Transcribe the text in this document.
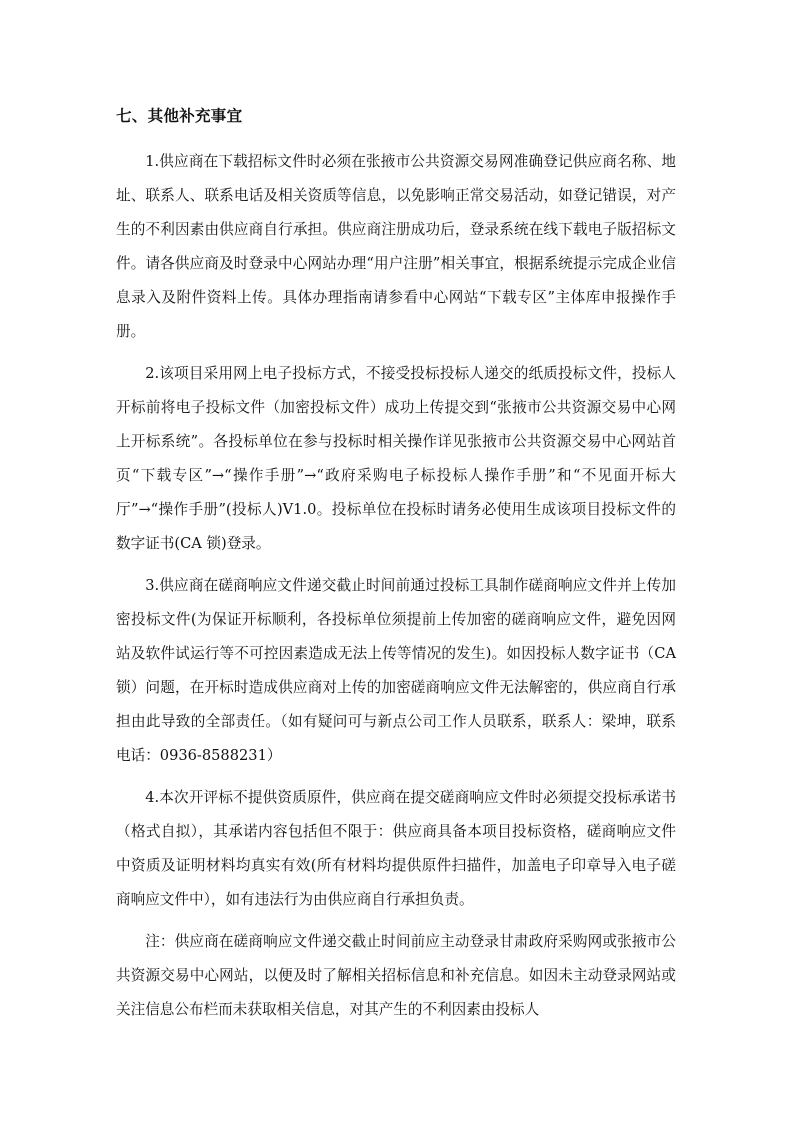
七、其他补充事宜

1.供应商在下载招标文件时必须在张掖市公共资源交易网准确登记供应商名称、地址、联系人、联系电话及相关资质等信息，以免影响正常交易活动，如登记错误，对产生的不利因素由供应商自行承担。供应商注册成功后，登录系统在线下载电子版招标文件。请各供应商及时登录中心网站办理“用户注册”相关事宜，根据系统提示完成企业信息录入及附件资料上传。具体办理指南请参看中心网站“下载专区”主体库申报操作手册。

2.该项目采用网上电子投标方式，不接受投标投标人递交的纸质投标文件，投标人开标前将电子投标文件（加密投标文件）成功上传提交到“张掖市公共资源交易中心网上开标系统”。各投标单位在参与投标时相关操作详见张掖市公共资源交易中心网站首页“下载专区”→“操作手册”→“政府采购电子标投标人操作手册”和“不见面开标大厅”→“操作手册”(投标人)V1.0。投标单位在投标时请务必使用生成该项目投标文件的数字证书(CA 锁)登录。

3.供应商在磋商响应文件递交截止时间前通过投标工具制作磋商响应文件并上传加密投标文件(为保证开标顺利，各投标单位须提前上传加密的磋商响应文件，避免因网站及软件试运行等不可控因素造成无法上传等情况的发生)。如因投标人数字证书（CA 锁）问题，在开标时造成供应商对上传的加密磋商响应文件无法解密的，供应商自行承担由此导致的全部责任。（如有疑问可与新点公司工作人员联系，联系人：梁坤，联系电话：0936-8588231）

4.本次开评标不提供资质原件，供应商在提交磋商响应文件时必须提交投标承诺书（格式自拟），其承诺内容包括但不限于：供应商具备本项目投标资格，磋商响应文件中资质及证明材料均真实有效(所有材料均提供原件扫描件，加盖电子印章导入电子磋商响应文件中），如有违法行为由供应商自行承担负责。

注：供应商在磋商响应文件递交截止时间前应主动登录甘肃政府采购网或张掖市公共资源交易中心网站，以便及时了解相关招标信息和补充信息。如因未主动登录网站或关注信息公布栏而未获取相关信息，对其产生的不利因素由投标人
